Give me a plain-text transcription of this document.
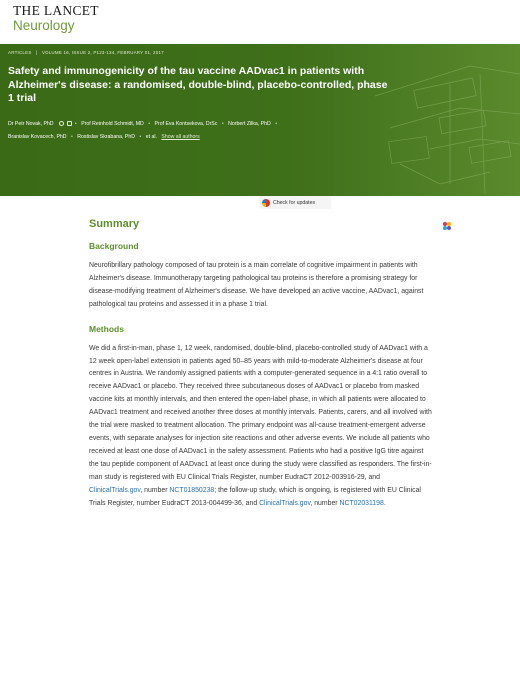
THE LANCET
Neurology
ARTICLES | VOLUME 16, ISSUE 2, P123-134, FEBRUARY 01, 2017
Safety and immunogenicity of the tau vaccine AADvac1 in patients with Alzheimer's disease: a randomised, double-blind, placebo-controlled, phase 1 trial
Dr Petr Novak, PhD	• Prof Reinhold Schmidt, MD • Prof Eva Kontsekova, DrSc • Norbert Zilka, PhD •
Branislav Kovacech, PhD • Rostislav Skrabana, PhD • et al. Show all authors
Published: December 09, 2016 • DOI: https://doi.org/10.1016/S1474-4422(16)30331-3	Check for updates
PlumX Metrics
Summary
Background

Neurofibrillary pathology composed of tau protein is a main correlate of cognitive impairment in patients with Alzheimer's disease. Immunotherapy targeting pathological tau proteins is therefore a promising strategy for disease-modifying treatment of Alzheimer's disease. We have developed an active vaccine, AADvac1, against pathological tau proteins and assessed it in a phase 1 trial.

Methods

We did a first-in-man, phase 1, 12 week, randomised, double-blind, placebo-controlled study of AADvac1 with a 12 week open-label extension in patients aged 50–85 years with mild-to-moderate Alzheimer's disease at four centres in Austria. We randomly assigned patients with a computer-generated sequence in a 4:1 ratio overall to receive AADvac1 or placebo. They received three subcutaneous doses of AADvac1 or placebo from masked vaccine kits at monthly intervals, and then entered the open-label phase, in which all patients were allocated to AADvac1 treatment and received another three doses at monthly intervals. Patients, carers, and all involved with the trial were masked to treatment allocation. The primary endpoint was all-cause treatment-emergent adverse events, with separate analyses for injection site reactions and other adverse events. We include all patients who received at least one dose of AADvac1 in the safety assessment. Patients who had a positive IgG titre against the tau peptide component of AADvac1 at least once during the study were classified as responders. The first-in-man study is registered with EU Clinical Trials Register, number EudraCT 2012-003916-29, and ClinicalTrials.gov, number NCT01850238; the follow-up study, which is ongoing, is registered with EU Clinical Trials Register, number EudraCT 2013-004499-36, and ClinicalTrials.gov, number NCT02031198.
